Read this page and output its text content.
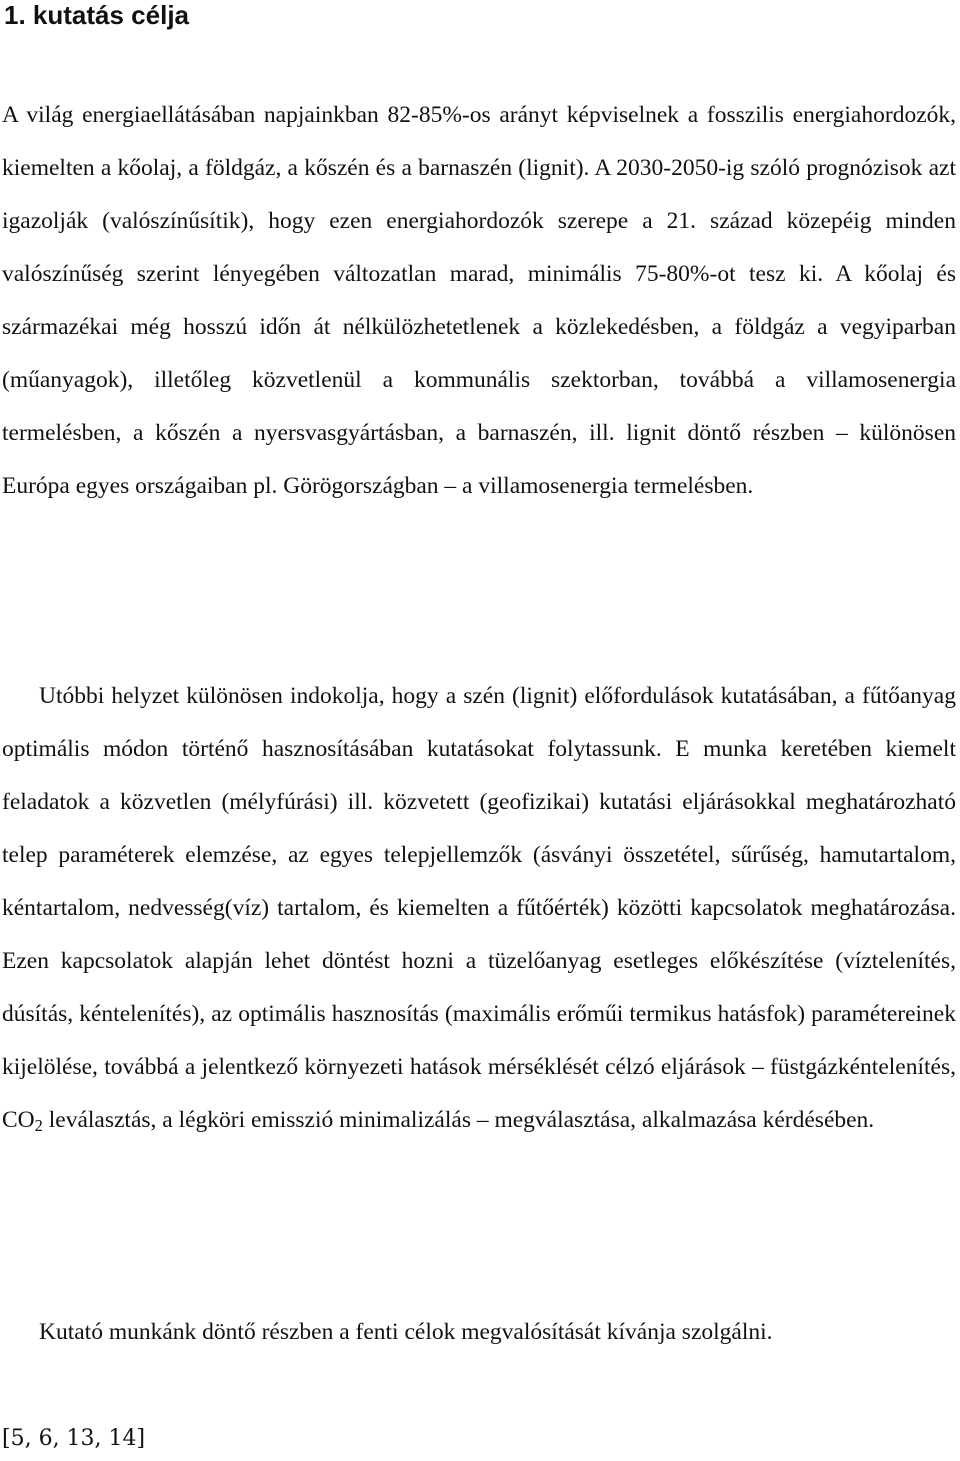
1. kutatás célja

A világ energiaellátásában napjainkban 82-85%-os arányt képviselnek a fosszilis energiahordozók, kiemelten a kőolaj, a földgáz, a kőszén és a barnaszén (lignit). A 2030-2050-ig szóló prognózisok azt igazolják (valószínűsítik), hogy ezen energiahordozók szerepe a 21. század közepéig minden valószínűség szerint lényegében változatlan marad, minimális 75-80%-ot tesz ki. A kőolaj és származékai még hosszú időn át nélkülözhetetlenek a közlekedésben, a földgáz a vegyiparban (műanyagok), illetőleg közvetlenül a kommunális szektorban, továbbá a villamosenergia termelésben, a kőszén a nyersvasgyártásban, a barnaszén, ill. lignit döntő részben – különösen Európa egyes országaiban pl. Görögországban – a villamosenergia termelésben.

Utóbbi helyzet különösen indokolja, hogy a szén (lignit) előfordulások kutatásában, a fűtőanyag optimális módon történő hasznosításában kutatásokat folytassunk. E munka keretében kiemelt feladatok a közvetlen (mélyfúrási) ill. közvetett (geofizikai) kutatási eljárásokkal meghatározható telep paraméterek elemzése, az egyes telepjellemzők (ásványi összetétel, sűrűség, hamutartalom, kéntartalom, nedvesség(víz) tartalom, és kiemelten a fűtőérték) közötti kapcsolatok meghatározása. Ezen kapcsolatok alapján lehet döntést hozni a tüzelőanyag esetleges előkészítése (víztelenítés, dúsítás, kéntelenítés), az optimális hasznosítás (maximális erőműi termikus hatásfok) paramétereinek kijelölése, továbbá a jelentkező környezeti hatások mérséklését célzó eljárások – füstgázkéntelenítés, $CO_2$ leválasztás, a légköri emisszió minimalizálás – megválasztása, alkalmazása kérdésében.

Kutató munkánk döntő részben a fenti célok megvalósítását kívánja szolgálni.

[5, 6, 13, 14]
